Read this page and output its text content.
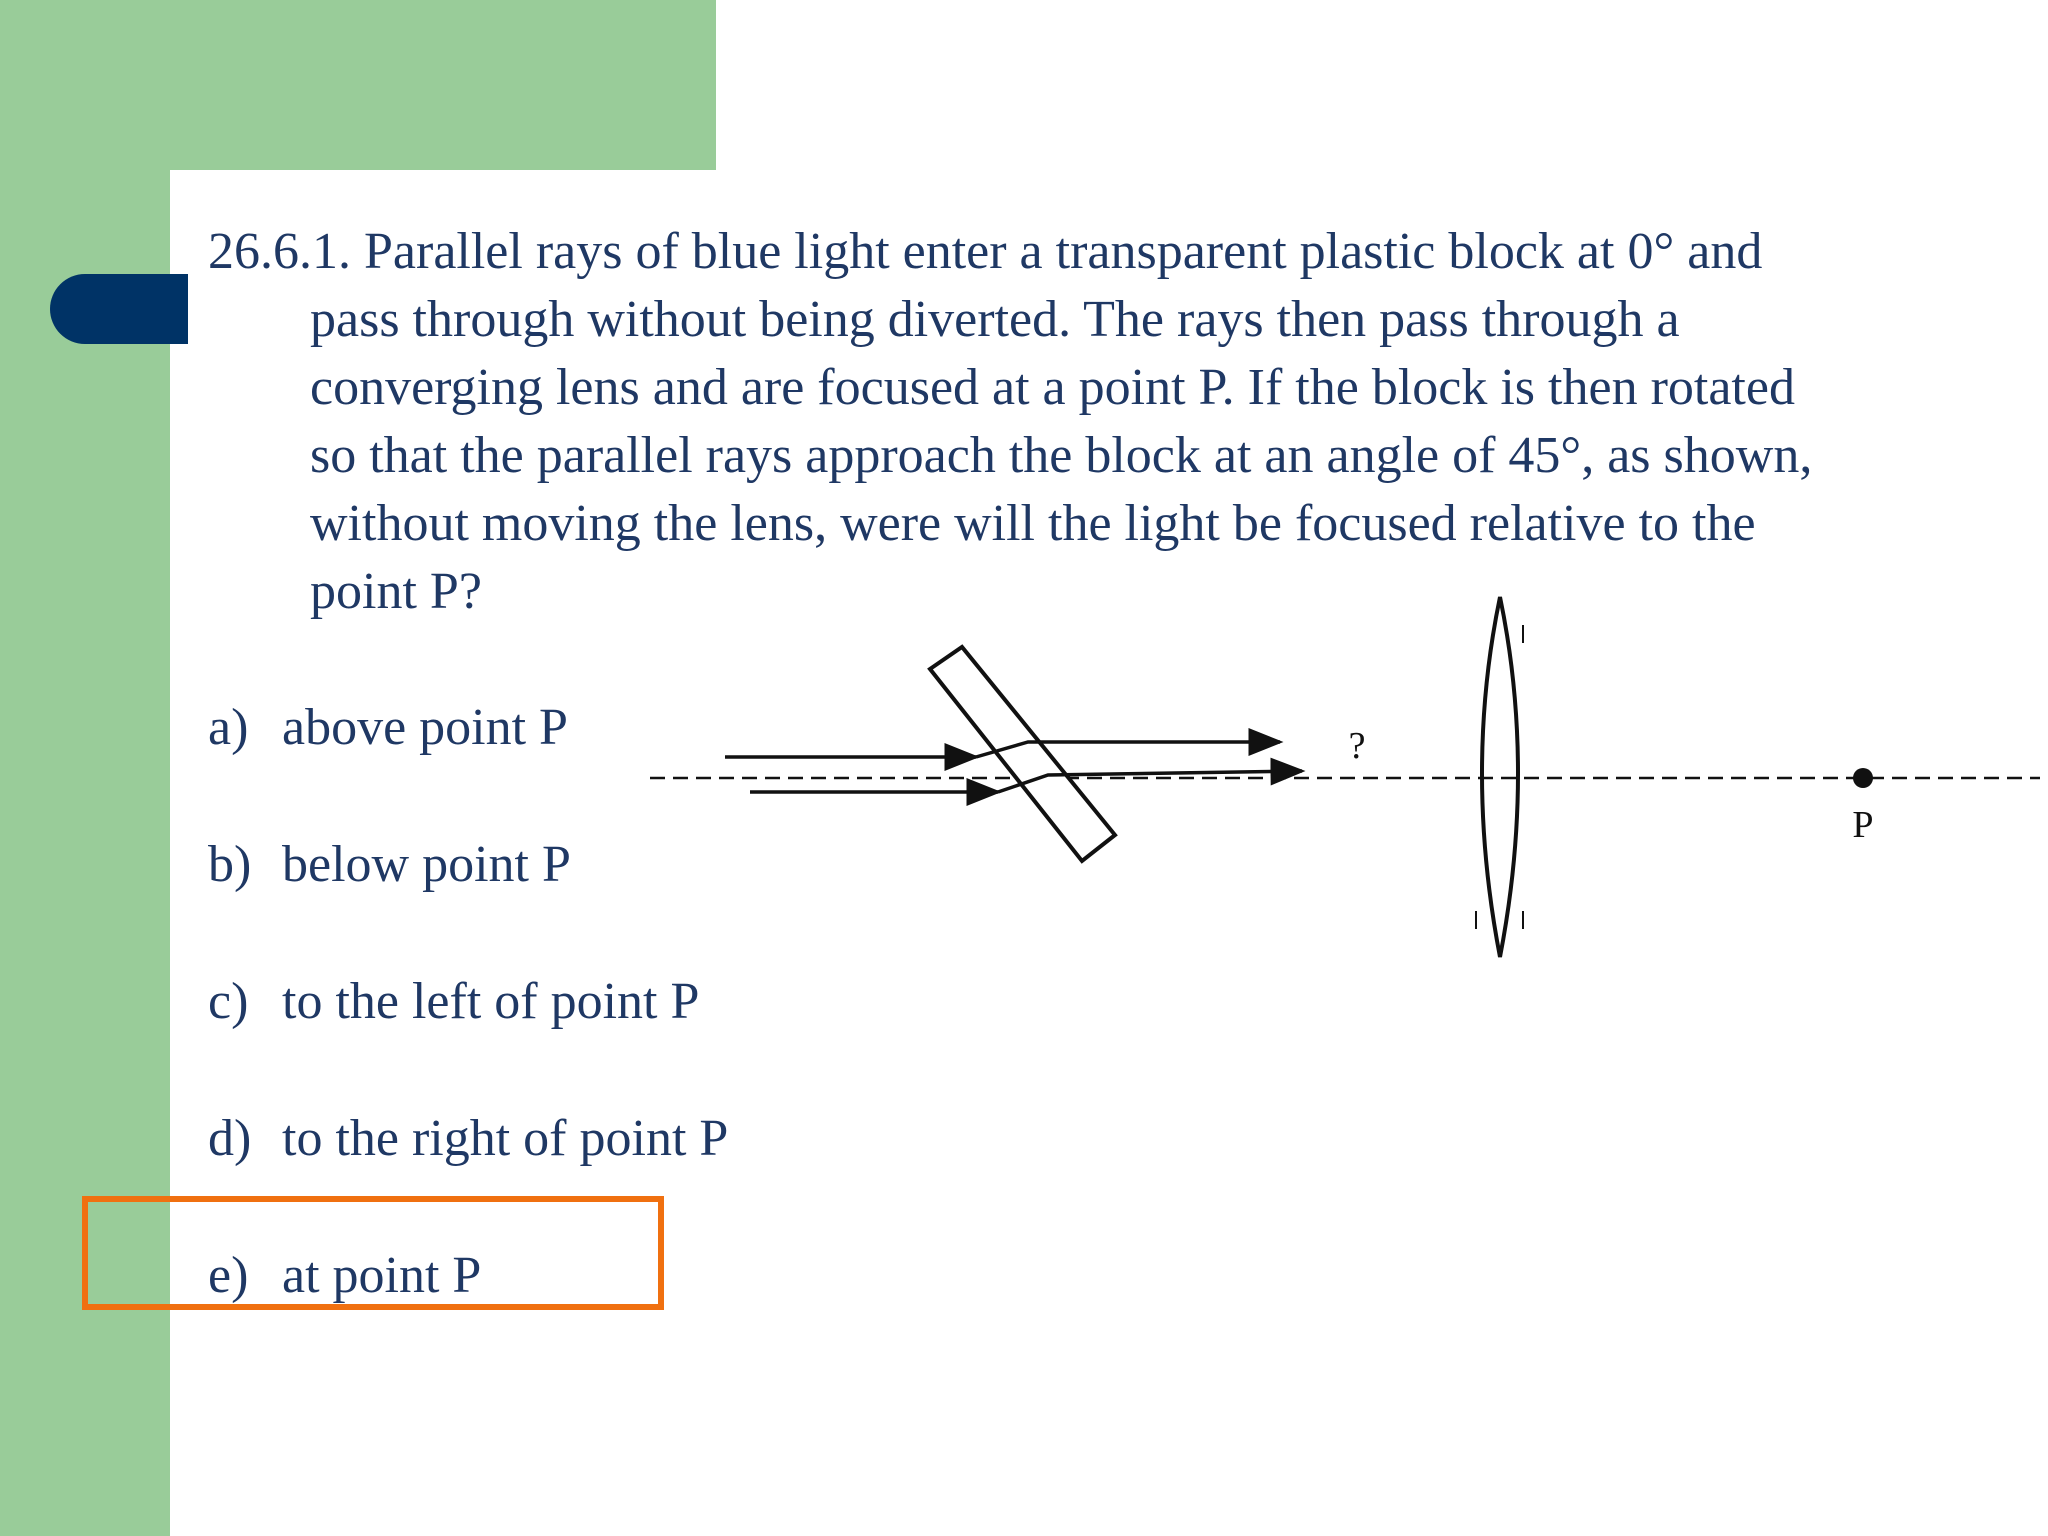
26.6.1. Parallel rays of blue light enter a transparent plastic block at 0° and
pass through without being diverted. The rays then pass through a
converging lens and are focused at a point P. If the block is then rotated
so that the parallel rays approach the block at an angle of 45°, as shown,
without moving the lens, were will the light be focused relative to the
point P?

a) above point P

b) below point P

c) to the left of point P

d) to the right of point P

e) at point P

?
P
